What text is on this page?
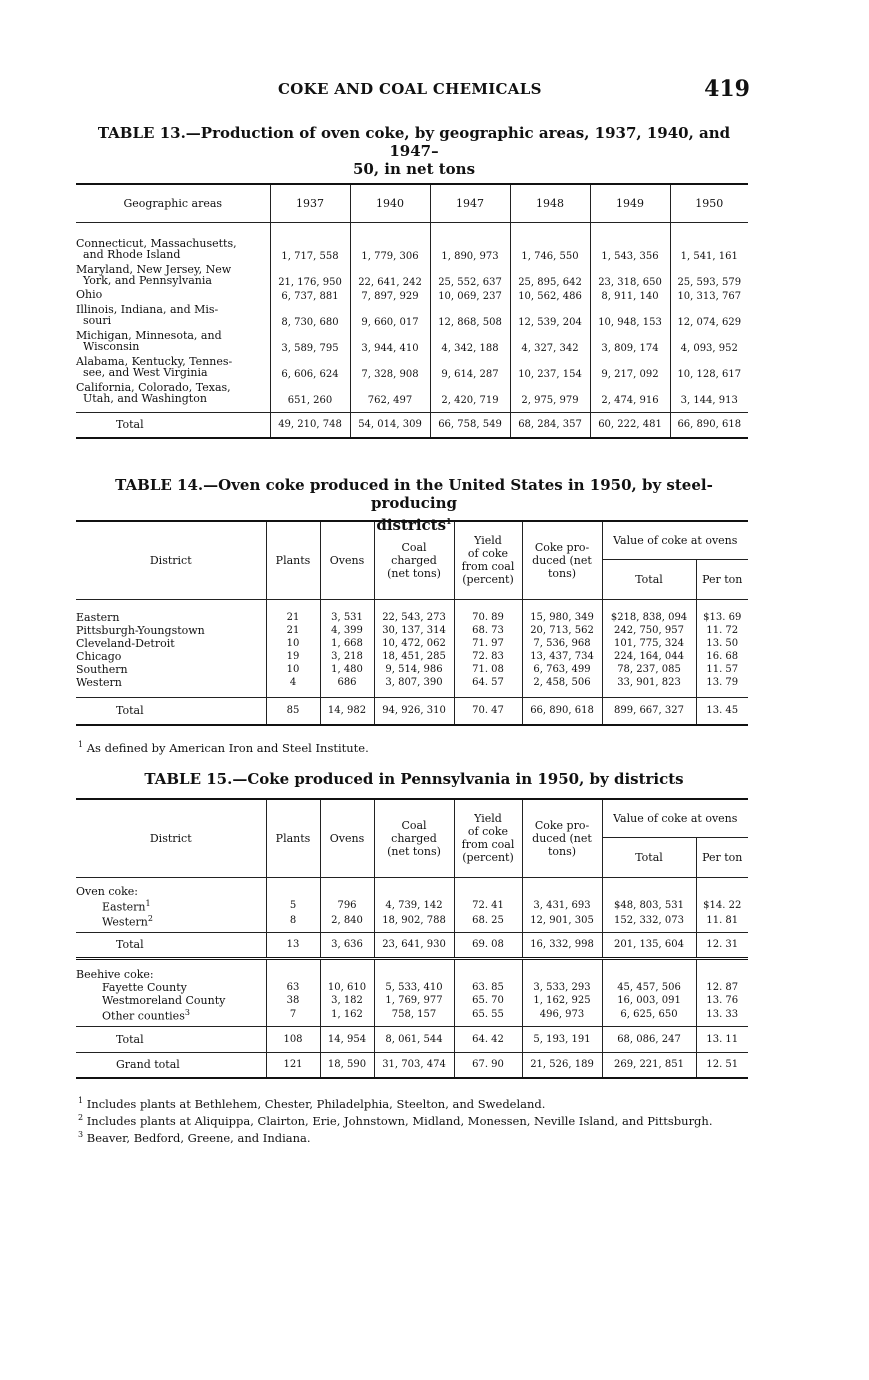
COKE AND COAL CHEMICALS	419
TABLE 13.—Production of oven coke, by geographic areas, 1937, 1940, and 1947–
50, in net tons
Geographic areas	1937	1940	1947	1948	1949	1950

Connecticut, Massachusetts,
and Rhode Island	1, 717, 558	1, 779, 306	1, 890, 973	1, 746, 550	1, 543, 356	1, 541, 161
Maryland, New Jersey, New
York, and Pennsylvania	21, 176, 950	22, 641, 242	25, 552, 637	25, 895, 642	23, 318, 650	25, 593, 579
Ohio	6, 737, 881	7, 897, 929	10, 069, 237	10, 562, 486	8, 911, 140	10, 313, 767
Illinois, Indiana, and Mis-
souri	8, 730, 680	9, 660, 017	12, 868, 508	12, 539, 204	10, 948, 153	12, 074, 629
Michigan, Minnesota, and
Wisconsin	3, 589, 795	3, 944, 410	4, 342, 188	4, 327, 342	3, 809, 174	4, 093, 952
Alabama, Kentucky, Tennes-
see, and West Virginia	6, 606, 624	7, 328, 908	9, 614, 287	10, 237, 154	9, 217, 092	10, 128, 617
California, Colorado, Texas,
Utah, and Washington	651, 260	762, 497	2, 420, 719	2, 975, 979	2, 474, 916	3, 144, 913

Total	49, 210, 748	54, 014, 309	66, 758, 549	68, 284, 357	60, 222, 481	66, 890, 618
TABLE 14.—Oven coke produced in the United States in 1950, by steel-producing
districts$^1$
District	Plants	Ovens	Coal
charged
(net tons)	Yield
of coke
from coal
(percent)	Coke pro-
duced (net
tons)	Value of coke at ovens	
						Total	Per ton

Eastern	21	3, 531	22, 543, 273	70. 89	15, 980, 349	$218, 838, 094	$13. 69
Pittsburgh-Youngstown	21	4, 399	30, 137, 314	68. 73	20, 713, 562	242, 750, 957	11. 72
Cleveland-Detroit	10	1, 668	10, 472, 062	71. 97	7, 536, 968	101, 775, 324	13. 50
Chicago	19	3, 218	18, 451, 285	72. 83	13, 437, 734	224, 164, 044	16. 68
Southern	10	1, 480	9, 514, 986	71. 08	6, 763, 499	78, 237, 085	11. 57
Western	4	686	3, 807, 390	64. 57	2, 458, 506	33, 901, 823	13. 79

Total	85	14, 982	94, 926, 310	70. 47	66, 890, 618	899, 667, 327	13. 45
$^1$ As defined by American Iron and Steel Institute.
TABLE 15.—Coke produced in Pennsylvania in 1950, by districts
District	Plants	Ovens	Coal
charged
(net tons)	Yield
of coke
from coal
(percent)	Coke pro-
duced (net
tons)	Value of coke at ovens	
						Total	Per ton

Oven coke:							
Eastern$^1$	5	796	4, 739, 142	72. 41	3, 431, 693	$48, 803, 531	$14. 22
Western$^2$	8	2, 840	18, 902, 788	68. 25	12, 901, 305	152, 332, 073	11. 81

Total	13	3, 636	23, 641, 930	69. 08	16, 332, 998	201, 135, 604	12. 31

Beehive coke:							
Fayette County	63	10, 610	5, 533, 410	63. 85	3, 533, 293	45, 457, 506	12. 87
Westmoreland County	38	3, 182	1, 769, 977	65. 70	1, 162, 925	16, 003, 091	13. 76
Other counties$^3$	7	1, 162	758, 157	65. 55	496, 973	6, 625, 650	13. 33

Total	108	14, 954	8, 061, 544	64. 42	5, 193, 191	68, 086, 247	13. 11
Grand total	121	18, 590	31, 703, 474	67. 90	21, 526, 189	269, 221, 851	12. 51
$^1$ Includes plants at Bethlehem, Chester, Philadelphia, Steelton, and Swedeland.
$^2$ Includes plants at Aliquippa, Clairton, Erie, Johnstown, Midland, Monessen, Neville Island, and Pittsburgh.
$^3$ Beaver, Bedford, Greene, and Indiana.
